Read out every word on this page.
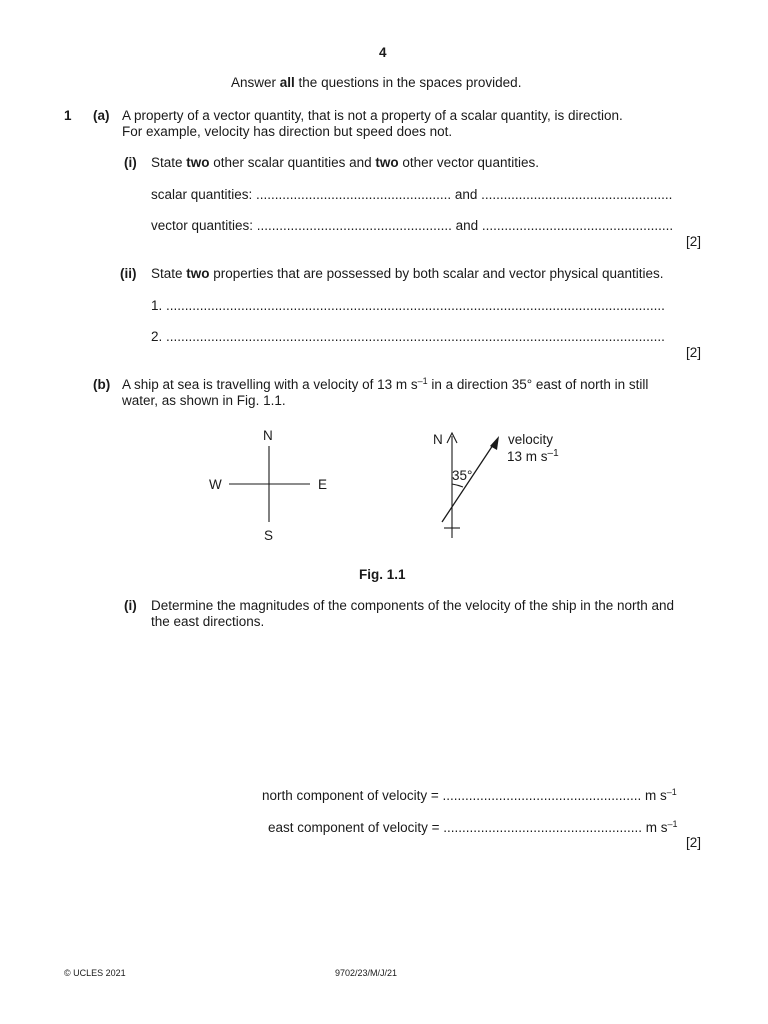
4
Answer all the questions in the spaces provided.
1 (a) A property of a vector quantity, that is not a property of a scalar quantity, is direction.
For example, velocity has direction but speed does not.
(i) State two other scalar quantities and two other vector quantities.
scalar quantities: .................................................... and ...................................................
vector quantities: .................................................... and ...................................................
[2]
(ii) State two properties that are possessed by both scalar and vector physical quantities.
1. .....................................................................................................................................
2. .....................................................................................................................................
[2]
(b) A ship at sea is travelling with a velocity of 13 m $s^{-1}$ in a direction 35° east of north in still
water, as shown in Fig. 1.1.
N
S
W	E
N
35°
velocity
13 m $s^{-1}$
Fig. 1.1
(i) Determine the magnitudes of the components of the velocity of the ship in the north and
the east directions.
north component of velocity = ..................................................... m $s^{-1}$
east component of velocity = ..................................................... m $s^{-1}$
[2]
© UCLES 2021	9702/23/M/J/21
